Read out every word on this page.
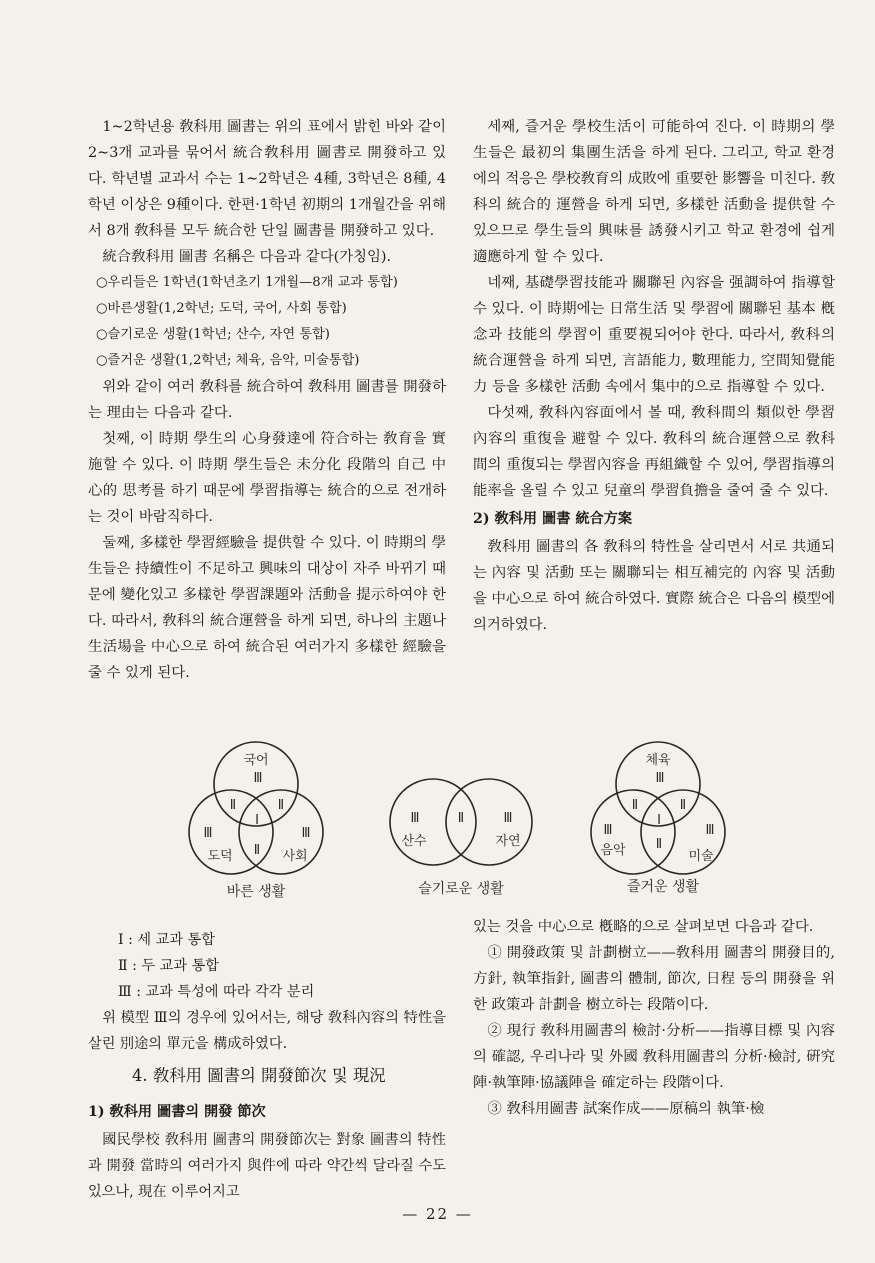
1∼2학년용 敎科用 圖書는 위의 표에서 밝힌 바와 같이 2∼3개 교과를 묶어서 統合敎科用 圖書로 開發하고 있다. 학년별 교과서 수는 1∼2학년은 4種, 3학년은 8種, 4학년 이상은 9種이다. 한편·1학년 初期의 1개월간을 위해서 8개 敎科를 모두 統合한 단일 圖書를 開發하고 있다.

統合敎科用 圖書 名稱은 다음과 같다(가칭임).

○우리들은 1학년(1학년초기 1개월—8개 교과 통합)

○바른생활(1,2학년; 도덕, 국어, 사회 통합)

○슬기로운 생활(1학년; 산수, 자연 통합)

○즐거운 생활(1,2학년; 체육, 음악, 미술통합)

위와 같이 여러 敎科를 統合하여 敎科用 圖書를 開發하는 理由는 다음과 같다.

첫째, 이 時期 學生의 心身發達에 符合하는 敎育을 實施할 수 있다. 이 時期 學生들은 未分化 段階의 自己 中心的 思考를 하기 때문에 學習指導는 統合的으로 전개하는 것이 바람직하다.

둘째, 多樣한 學習經驗을 提供할 수 있다. 이 時期의 學生들은 持續性이 不足하고 興味의 대상이 자주 바뀌기 때문에 變化있고 多樣한 學習課題와 活動을 提示하여야 한다. 따라서, 敎科의 統合運營을 하게 되면, 하나의 主題나 生活場을 中心으로 하여 統合된 여러가지 多樣한 經驗을 줄 수 있게 된다.

세째, 즐거운 學校生活이 可能하여 진다. 이 時期의 學生들은 最初의 集團生活을 하게 된다. 그리고, 학교 환경에의 적응은 學校敎育의 成敗에 重要한 影響을 미친다. 敎科의 統合的 運營을 하게 되면, 多樣한 活動을 提供할 수 있으므로 學生들의 興味를 誘發시키고 학교 환경에 쉽게 適應하게 할 수 있다.

네째, 基礎學習技能과 關聯된 內容을 强調하여 指導할 수 있다. 이 時期에는 日常生活 및 學習에 關聯된 基本 槪念과 技能의 學習이 重要視되어야 한다. 따라서, 敎科의 統合運營을 하게 되면, 言語能力, 數理能力, 空間知覺能力 등을 多樣한 活動 속에서 集中的으로 指導할 수 있다.

다섯째, 敎科內容面에서 볼 때, 敎科間의 類似한 學習內容의 重復을 避할 수 있다. 敎科의 統合運營으로 敎科間의 重復되는 學習內容을 再組織할 수 있어, 學習指導의 能率을 올릴 수 있고 兒童의 學習負擔을 줄여 줄 수 있다.

2) 敎科用 圖書 統合方案

敎科用 圖書의 各 敎科의 特性을 살리면서 서로 共通되는 內容 및 活動 또는 關聯되는 相互補完的 內容 및 活動을 中心으로 하여 統合하였다. 實際 統合은 다음의 模型에 의거하였다.

국어
Ⅲ
Ⅱ	Ⅱ
Ⅰ
Ⅲ	Ⅲ
Ⅱ
도덕	사회
바른 생활
Ⅲ	Ⅱ	Ⅲ
산수	자연
슬기로운 생활
체육
Ⅲ
Ⅱ	Ⅱ
Ⅰ
Ⅲ	Ⅲ
Ⅱ
음악	미술
즐거운 생활

Ⅰ : 세 교과 통합

Ⅱ : 두 교과 통합

Ⅲ : 교과 특성에 따라 각각 분리

위 模型 Ⅲ의 경우에 있어서는, 해당 敎科內容의 特性을 살린 別途의 單元을 構成하였다.

4. 敎科用 圖書의 開發節次 및 現況
1) 敎科用 圖書의 開發 節次

國民學校 敎科用 圖書의 開發節次는 對象 圖書의 特性과 開發 當時의 여러가지 與件에 따라 약간씩 달라질 수도 있으나, 現在 이루어지고

있는 것을 中心으로 槪略的으로 살펴보면 다음과 같다.

① 開發政策 및 計劃樹立——敎科用 圖書의 開發目的, 方針, 執筆指針, 圖書의 體制, 節次, 日程 등의 開發을 위한 政策과 計劃을 樹立하는 段階이다.

② 現行 敎科用圖書의 檢討·分析——指導目標 및 內容의 確認, 우리나라 및 外國 敎科用圖書의 分析·檢討, 硏究陣·執筆陣·協議陣을 確定하는 段階이다.

③ 敎科用圖書 試案作成——原稿의 執筆·檢

— 22 —
